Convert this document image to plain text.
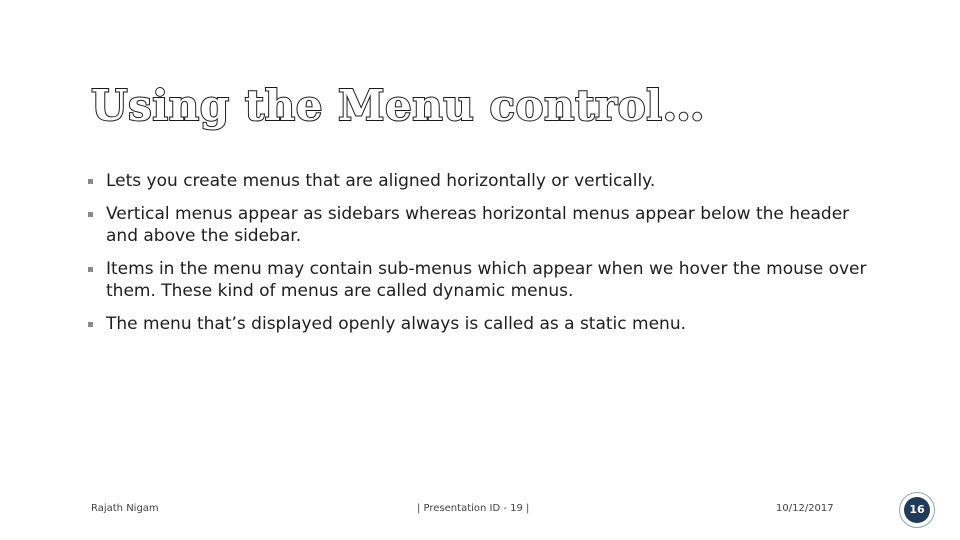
Using the Menu control…
Lets you create menus that are aligned horizontally or vertically.
Vertical menus appear as sidebars whereas horizontal menus appear below the header and above the sidebar.
Items in the menu may contain sub-menus which appear when we hover the mouse over them. These kind of menus are called dynamic menus.
The menu that’s displayed openly always is called as a static menu.
Rajath Nigam	| Presentation ID - 19 |	10/12/2017	16
